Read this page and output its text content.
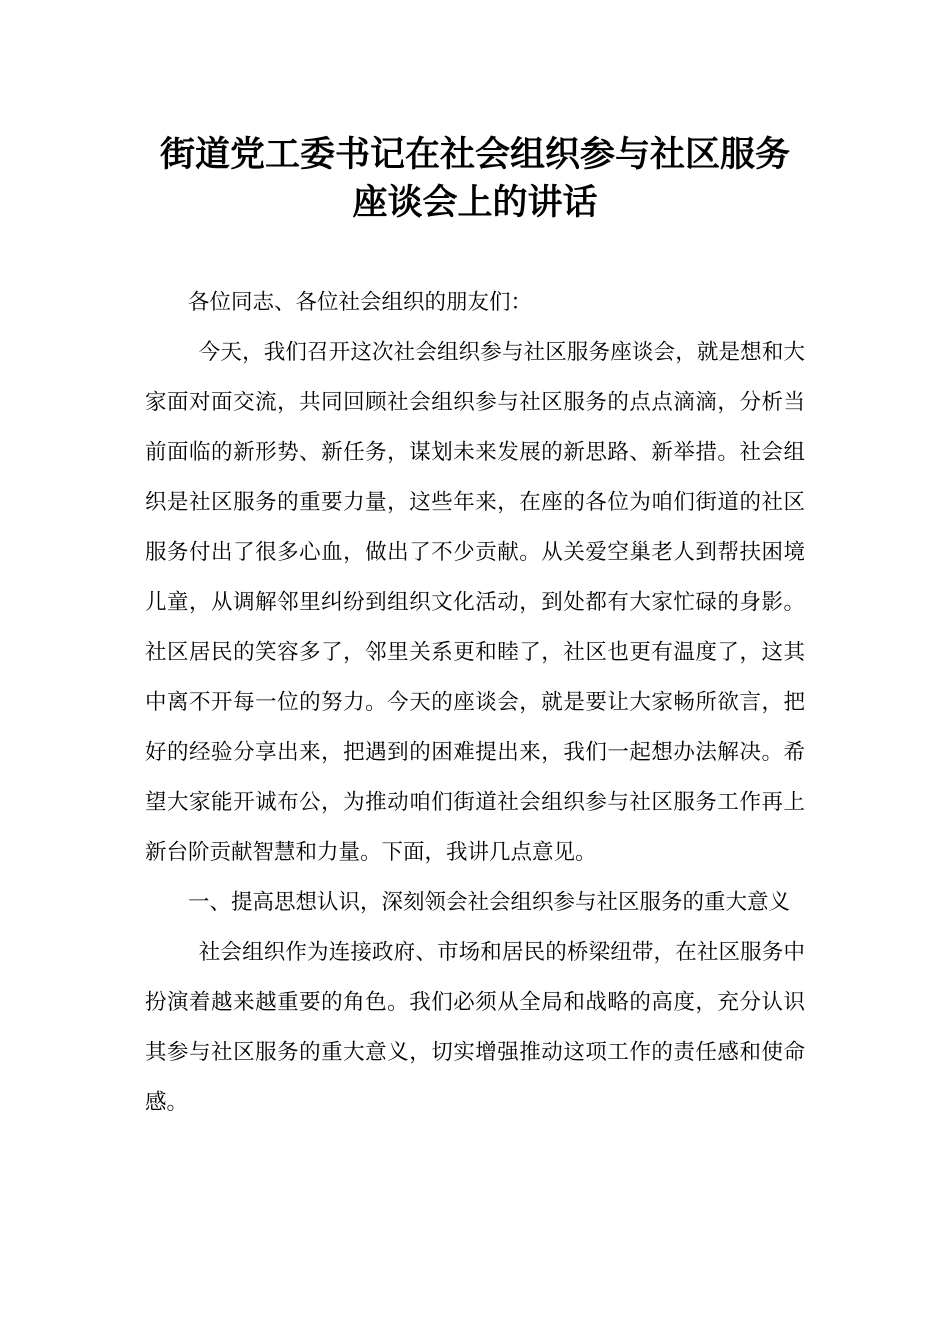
街道党工委书记在社会组织参与社区服务
座谈会上的讲话

各位同志、各位社会组织的朋友们：

今天，我们召开这次社会组织参与社区服务座谈会，就是想和大家面对面交流，共同回顾社会组织参与社区服务的点点滴滴，分析当前面临的新形势、新任务，谋划未来发展的新思路、新举措。社会组织是社区服务的重要力量，这些年来，在座的各位为咱们街道的社区服务付出了很多心血，做出了不少贡献。从关爱空巢老人到帮扶困境儿童，从调解邻里纠纷到组织文化活动，到处都有大家忙碌的身影。社区居民的笑容多了，邻里关系更和睦了，社区也更有温度了，这其中离不开每一位的努力。今天的座谈会，就是要让大家畅所欲言，把好的经验分享出来，把遇到的困难提出来，我们一起想办法解决。希望大家能开诚布公，为推动咱们街道社会组织参与社区服务工作再上新台阶贡献智慧和力量。下面，我讲几点意见。

一、提高思想认识，深刻领会社会组织参与社区服务的重大意义

社会组织作为连接政府、市场和居民的桥梁纽带，在社区服务中扮演着越来越重要的角色。我们必须从全局和战略的高度，充分认识其参与社区服务的重大意义，切实增强推动这项工作的责任感和使命感。
